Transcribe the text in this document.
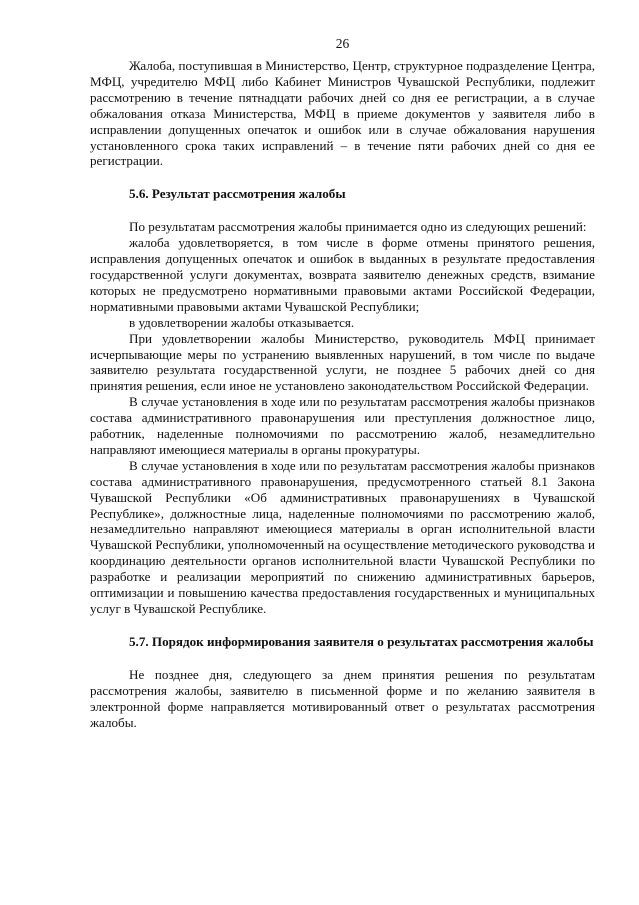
26

Жалоба, поступившая в Министерство, Центр, структурное подразделение Центра, МФЦ, учредителю МФЦ либо Кабинет Министров Чувашской Республики, подлежит рассмотрению в течение пятнадцати рабочих дней со дня ее регистрации, а в случае обжалования отказа Министерства, МФЦ в приеме документов у заявителя либо в исправлении допущенных опечаток и ошибок или в случае обжалования нарушения установленного срока таких исправлений – в течение пяти рабочих дней со дня ее регистрации.

5.6. Результат рассмотрения жалобы

По результатам рассмотрения жалобы принимается одно из следующих решений:

жалоба удовлетворяется, в том числе в форме отмены принятого решения, исправления допущенных опечаток и ошибок в выданных в результате предоставления государственной услуги документах, возврата заявителю денежных средств, взимание которых не предусмотрено нормативными правовыми актами Российской Федерации, нормативными правовыми актами Чувашской Республики;

в удовлетворении жалобы отказывается.

При удовлетворении жалобы Министерство, руководитель МФЦ принимает исчерпывающие меры по устранению выявленных нарушений, в том числе по выдаче заявителю результата государственной услуги, не позднее 5 рабочих дней со дня принятия решения, если иное не установлено законодательством Российской Федерации.

В случае установления в ходе или по результатам рассмотрения жалобы признаков состава административного правонарушения или преступления должностное лицо, работник, наделенные полномочиями по рассмотрению жалоб, незамедлительно направляют имеющиеся материалы в органы прокуратуры.

В случае установления в ходе или по результатам рассмотрения жалобы признаков состава административного правонарушения, предусмотренного статьей 8.1 Закона Чувашской Республики «Об административных правонарушениях в Чувашской Республике», должностные лица, наделенные полномочиями по рассмотрению жалоб, незамедлительно направляют имеющиеся материалы в орган исполнительной власти Чувашской Республики, уполномоченный на осуществление методического руководства и координацию деятельности органов исполнительной власти Чувашской Республики по разработке и реализации мероприятий по снижению административных барьеров, оптимизации и повышению качества предоставления государственных и муниципальных услуг в Чувашской Республике.

5.7. Порядок информирования заявителя о результатах рассмотрения жалобы

Не позднее дня, следующего за днем принятия решения по результатам рассмотрения жалобы, заявителю в письменной форме и по желанию заявителя в электронной форме направляется мотивированный ответ о результатах рассмотрения жалобы.
